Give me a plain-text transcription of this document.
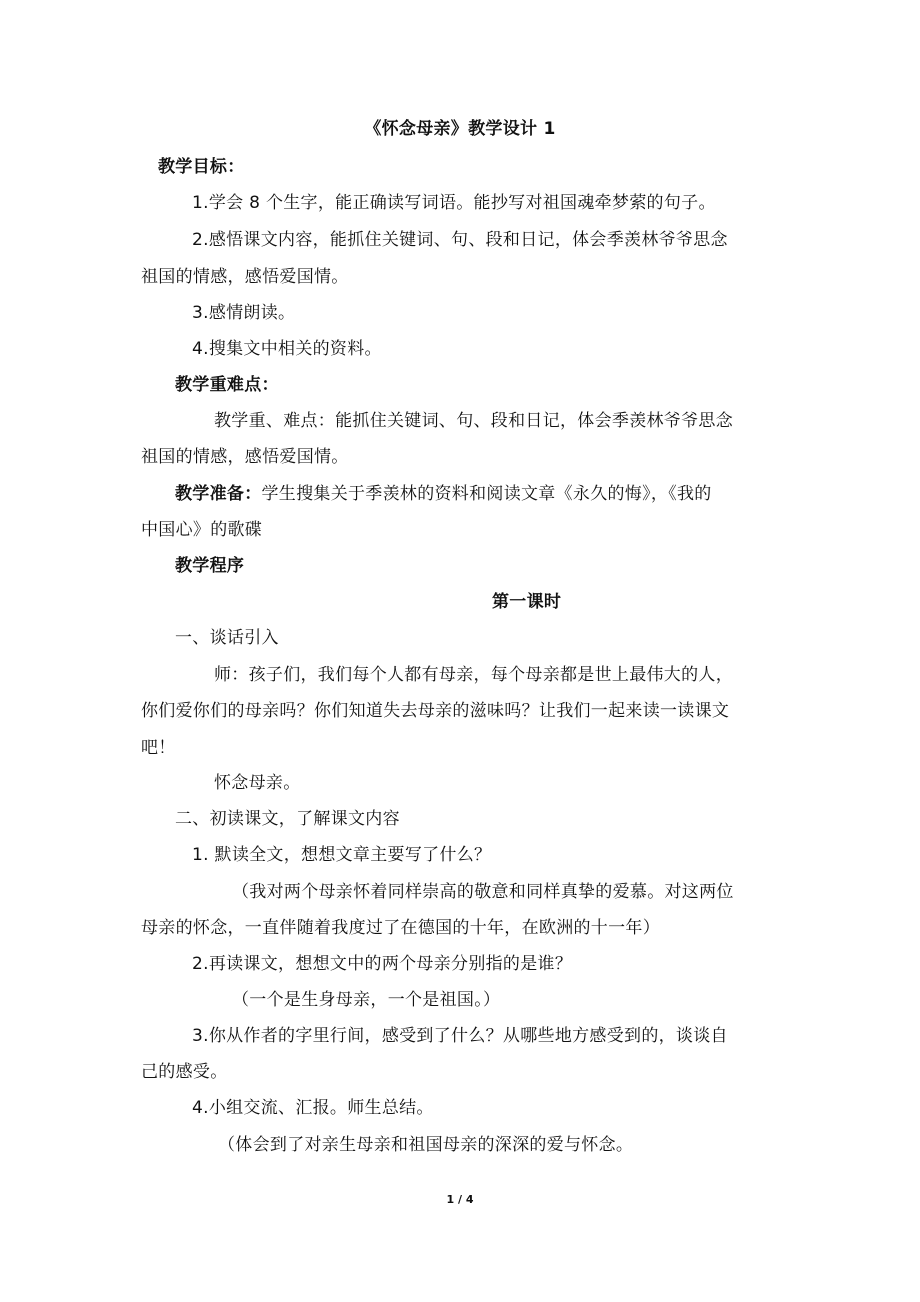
《怀念母亲》教学设计 1
教学目标：
1.学会 8 个生字，能正确读写词语。能抄写对祖国魂牵梦萦的句子。
2.感悟课文内容，能抓住关键词、句、段和日记，体会季羡林爷爷思念
祖国的情感，感悟爱国情。
3.感情朗读。
4.搜集文中相关的资料。
教学重难点：
教学重、难点：能抓住关键词、句、段和日记，体会季羡林爷爷思念
祖国的情感，感悟爱国情。
教学准备：学生搜集关于季羡林的资料和阅读文章《永久的悔》，《我的
中国心》的歌碟
教学程序
第一课时
一、谈话引入
师：孩子们，我们每个人都有母亲，每个母亲都是世上最伟大的人，
你们爱你们的母亲吗？你们知道失去母亲的滋味吗？让我们一起来读一读课文
吧！
怀念母亲。
二、初读课文，了解课文内容
1. 默读全文，想想文章主要写了什么？
（我对两个母亲怀着同样崇高的敬意和同样真挚的爱慕。对这两位
母亲的怀念，一直伴随着我度过了在德国的十年，在欧洲的十一年）
2.再读课文，想想文中的两个母亲分别指的是谁？
（一个是生身母亲，一个是祖国。）
3.你从作者的字里行间，感受到了什么？从哪些地方感受到的，谈谈自
己的感受。
4.小组交流、汇报。师生总结。
（体会到了对亲生母亲和祖国母亲的深深的爱与怀念。
1 / 4
